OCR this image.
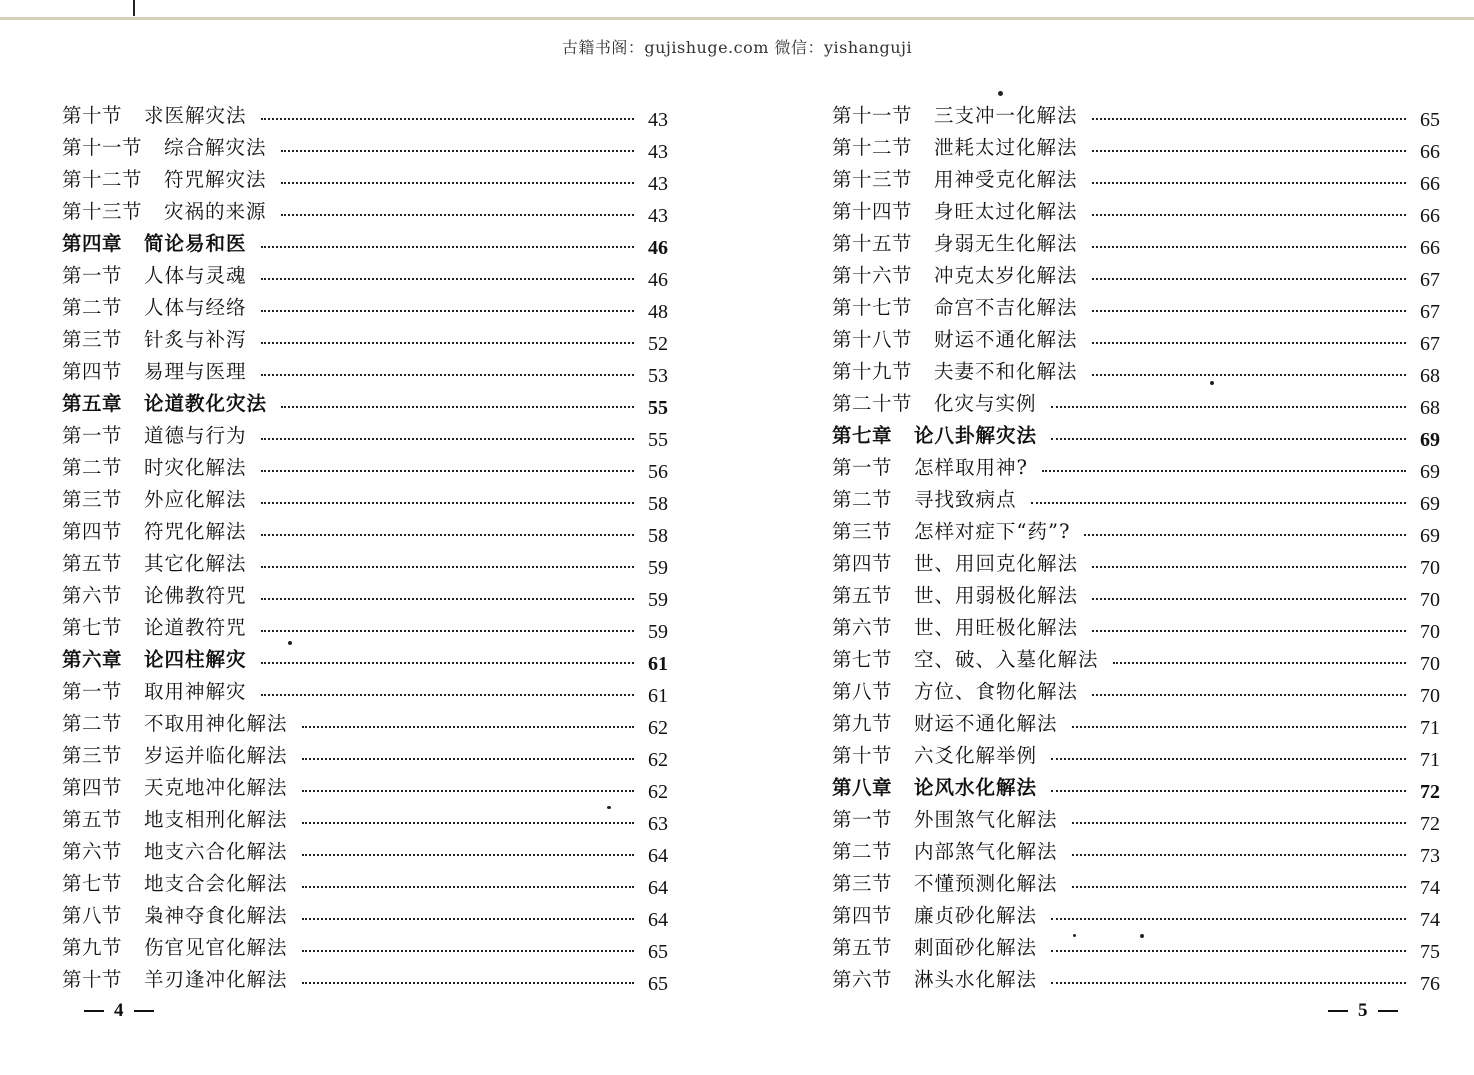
古籍书阁：gujishuge.com 微信：yishanguji
第十节 求医解灾法	43
第十一节 综合解灾法	43
第十二节 符咒解灾法	43
第十三节 灾祸的来源	43
第四章 简论易和医	46
第一节 人体与灵魂	46
第二节 人体与经络	48
第三节 针炙与补泻	52
第四节 易理与医理	53
第五章 论道教化灾法	55
第一节 道德与行为	55
第二节 时灾化解法	56
第三节 外应化解法	58
第四节 符咒化解法	58
第五节 其它化解法	59
第六节 论佛教符咒	59
第七节 论道教符咒	59
第六章 论四柱解灾	61
第一节 取用神解灾	61
第二节 不取用神化解法	62
第三节 岁运并临化解法	62
第四节 天克地冲化解法	62
第五节 地支相刑化解法	63
第六节 地支六合化解法	64
第七节 地支合会化解法	64
第八节 枭神夺食化解法	64
第九节 伤官见官化解法	65
第十节 羊刃逢冲化解法	65
第十一节 三支冲一化解法	65
第十二节 泄耗太过化解法	66
第十三节 用神受克化解法	66
第十四节 身旺太过化解法	66
第十五节 身弱无生化解法	66
第十六节 冲克太岁化解法	67
第十七节 命宫不吉化解法	67
第十八节 财运不通化解法	67
第十九节 夫妻不和化解法	68
第二十节 化灾与实例	68
第七章 论八卦解灾法	69
第一节 怎样取用神?	69
第二节 寻找致病点	69
第三节 怎样对症下“药”?	69
第四节 世、用回克化解法	70
第五节 世、用弱极化解法	70
第六节 世、用旺极化解法	70
第七节 空、破、入墓化解法	70
第八节 方位、食物化解法	70
第九节 财运不通化解法	71
第十节 六爻化解举例	71
第八章 论风水化解法	72
第一节 外围煞气化解法	72
第二节 内部煞气化解法	73
第三节 不懂预测化解法	74
第四节 廉贞砂化解法	74
第五节 刺面砂化解法	75
第六节 淋头水化解法	76
4	5
